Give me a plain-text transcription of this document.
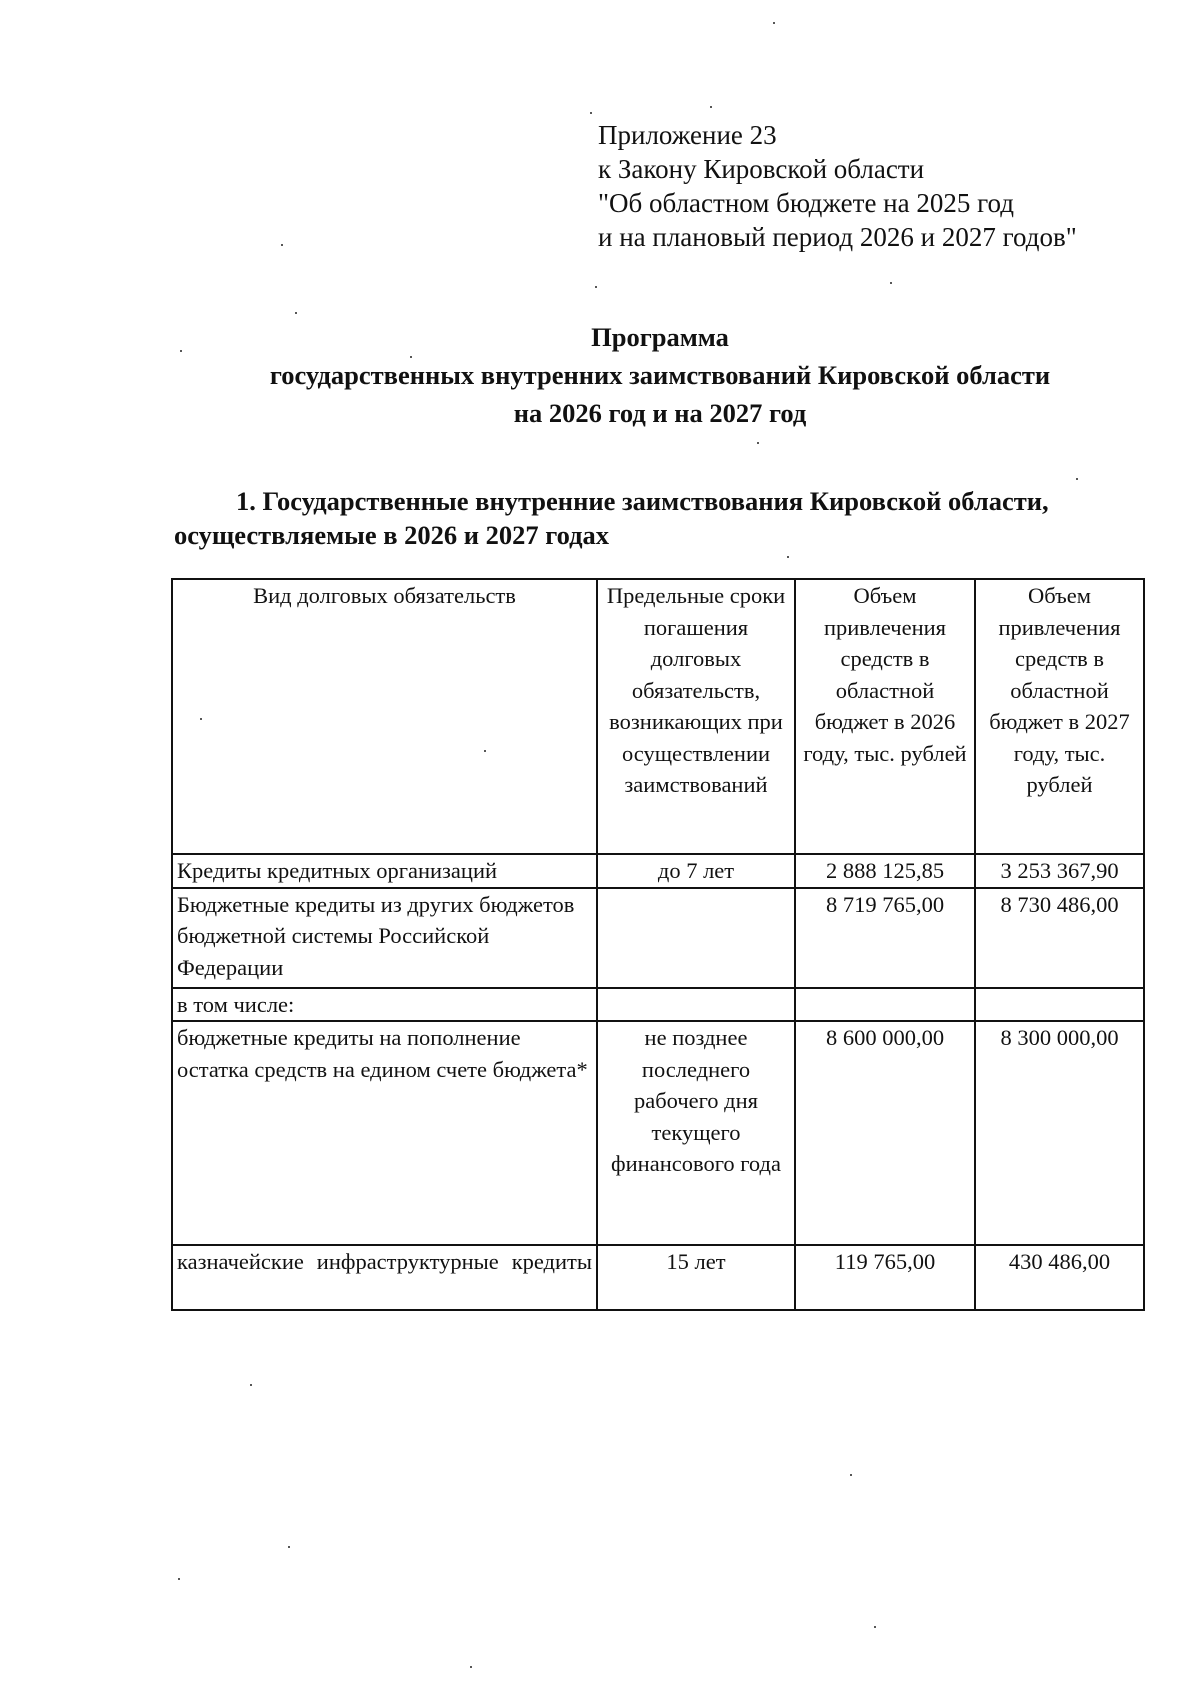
Приложение 23
к Закону Кировской области
"Об областном бюджете на 2025 год
и на плановый период 2026 и 2027 годов"
Программа
государственных внутренних заимствований Кировской области
на 2026 год и на 2027 год
1. Государственные внутренние заимствования Кировской области,
осуществляемые в 2026 и 2027 годах
Вид долговых обязательств	Предельные сроки погашения долговых обязательств, возникающих при осуществлении заимствований	Объем привлечения средств в областной бюджет в 2026 году, тыс. рублей	Объем привлечения средств в областной бюджет в 2027 году, тыс. рублей
Кредиты кредитных организаций	до 7 лет	2 888 125,85	3 253 367,90
Бюджетные кредиты из других бюджетов бюджетной системы Российской Федерации		8 719 765,00	8 730 486,00
в том числе:			
бюджетные кредиты на пополнение остатка средств на едином счете бюджета*	не позднее последнего рабочего дня текущего финансового года	8 600 000,00	8 300 000,00
казначейские инфраструктурные кредиты	15 лет	119 765,00	430 486,00
